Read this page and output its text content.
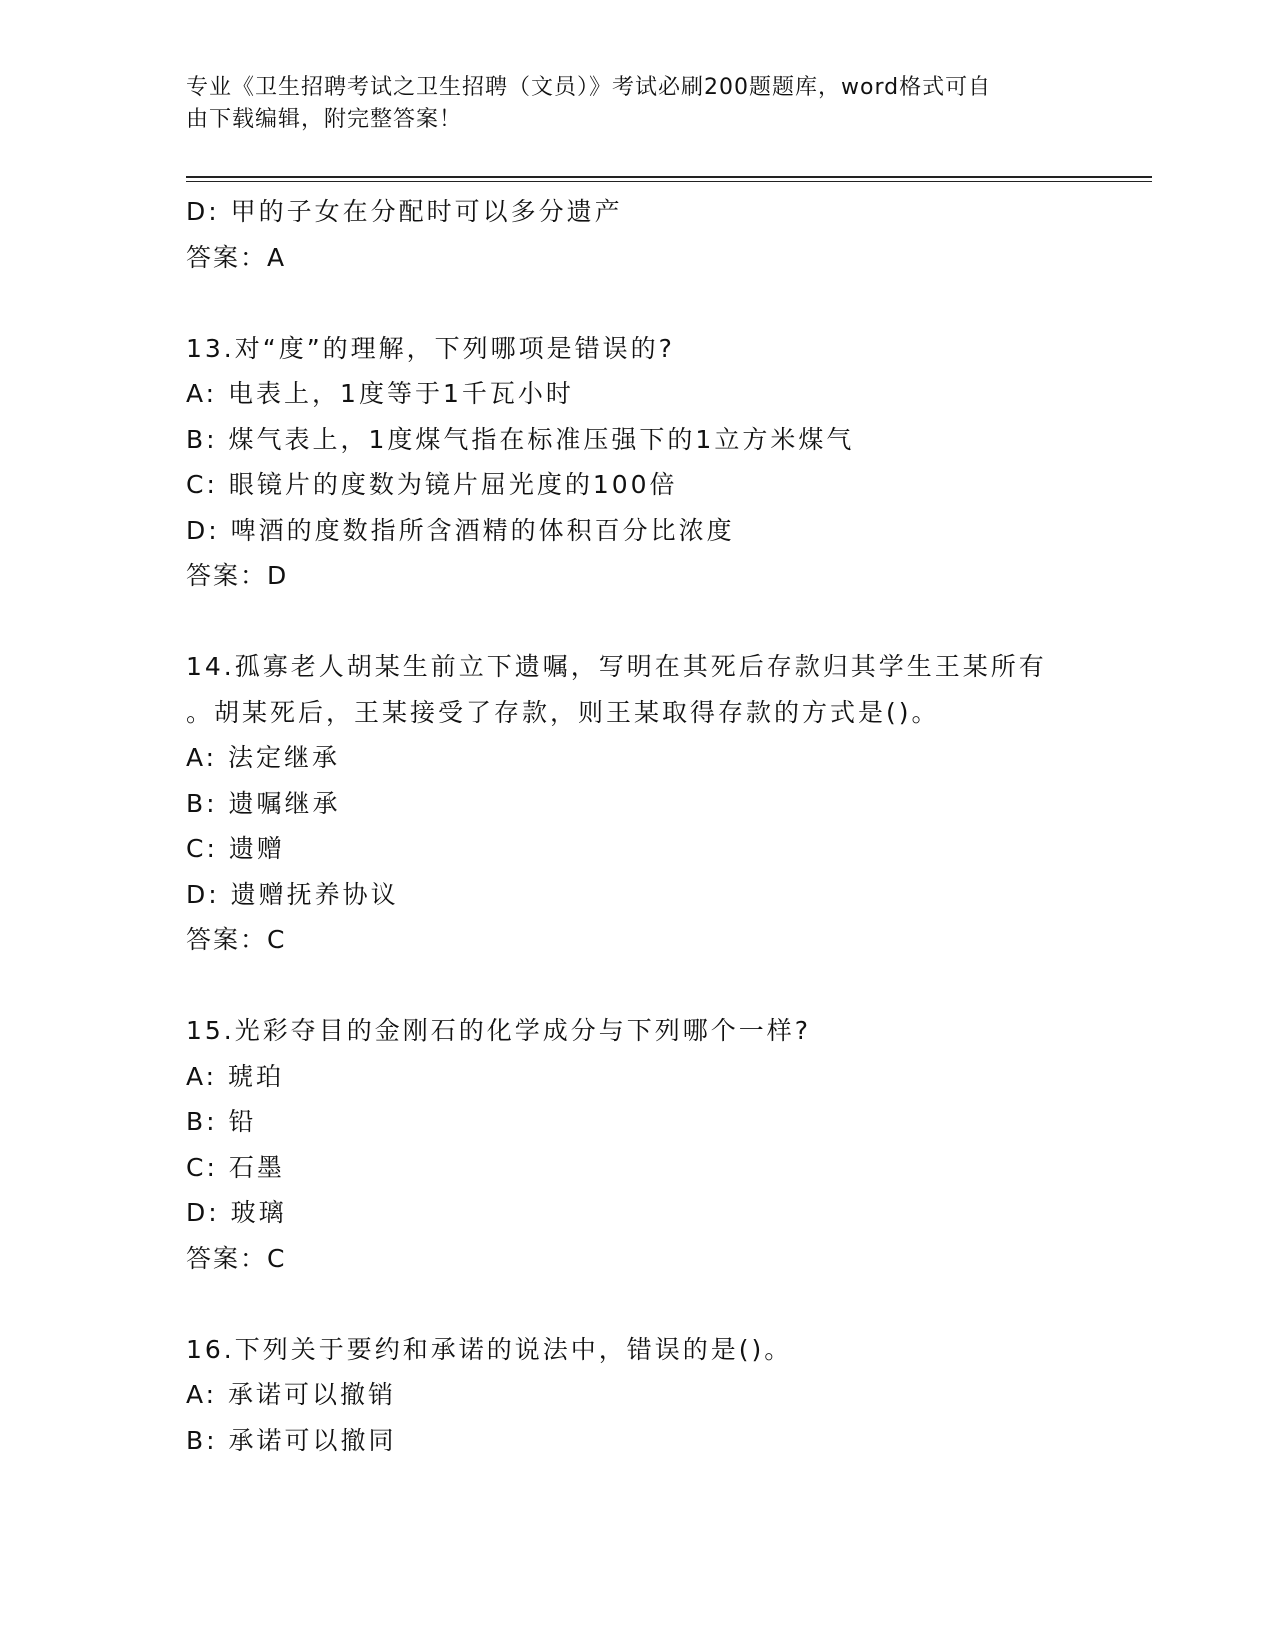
专业《卫生招聘考试之卫生招聘（文员）》考试必刷200题题库，word格式可自
由下载编辑，附完整答案！
D: 甲的子女在分配时可以多分遗产
答案：A
13.对“度”的理解，下列哪项是错误的?
A: 电表上，1度等于1千瓦小时
B: 煤气表上，1度煤气指在标准压强下的1立方米煤气
C: 眼镜片的度数为镜片屈光度的100倍
D: 啤酒的度数指所含酒精的体积百分比浓度
答案：D
14.孤寡老人胡某生前立下遗嘱，写明在其死后存款归其学生王某所有
。胡某死后，王某接受了存款，则王某取得存款的方式是()。
A: 法定继承
B: 遗嘱继承
C: 遗赠
D: 遗赠抚养协议
答案：C
15.光彩夺目的金刚石的化学成分与下列哪个一样?
A: 琥珀
B: 铅
C: 石墨
D: 玻璃
答案：C
16.下列关于要约和承诺的说法中，错误的是()。
A: 承诺可以撤销
B: 承诺可以撤同
